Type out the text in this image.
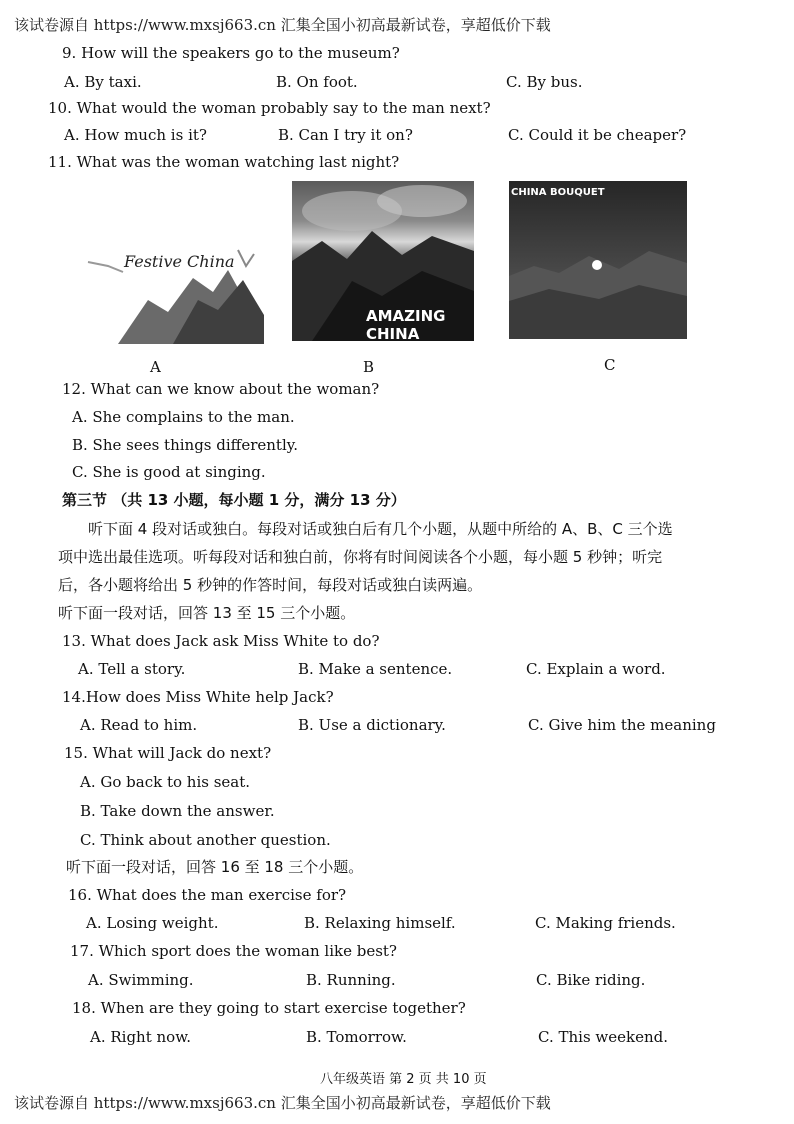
该试卷源自 https://www.mxsj663.cn 汇集全国小初高最新试卷，享超低价下载
9. How will the speakers go to the museum?
A. By taxi.	B. On foot.	C. By bus.
10. What would the woman probably say to the man next?
A. How much is it?	B. Can I try it on?	C. Could it be cheaper?
11. What was the woman watching last night?
Festive China
AMAZING CHINA
CHINA BOUQUET
A	B	C
12. What can we know about the woman?
A. She complains to the man.
B. She sees things differently.
C. She is good at singing.
第三节 （共 13 小题，每小题 1 分，满分 13 分）
听下面 4 段对话或独白。每段对话或独白后有几个小题，从题中所给的 A、B、C 三个选
项中选出最佳选项。听每段对话和独白前，你将有时间阅读各个小题，每小题 5 秒钟；听完
后，各小题将给出 5 秒钟的作答时间，每段对话或独白读两遍。
听下面一段对话，回答 13 至 15 三个小题。
13. What does Jack ask Miss White to do?
A. Tell a story.	B. Make a sentence.	C. Explain a word.
14.How does Miss White help Jack?
A. Read to him.	B. Use a dictionary.	C. Give him the meaning
15. What will Jack do next?
A. Go back to his seat.
B. Take down the answer.
C. Think about another question.
听下面一段对话，回答 16 至 18 三个小题。
16. What does the man exercise for?
A. Losing weight.	B. Relaxing himself.	C. Making friends.
17. Which sport does the woman like best?
A. Swimming.	B. Running.	C. Bike riding.
18. When are they going to start exercise together?
A. Right now.	B. Tomorrow.	C. This weekend.
八年级英语 第 2 页 共 10 页
该试卷源自 https://www.mxsj663.cn 汇集全国小初高最新试卷，享超低价下载
